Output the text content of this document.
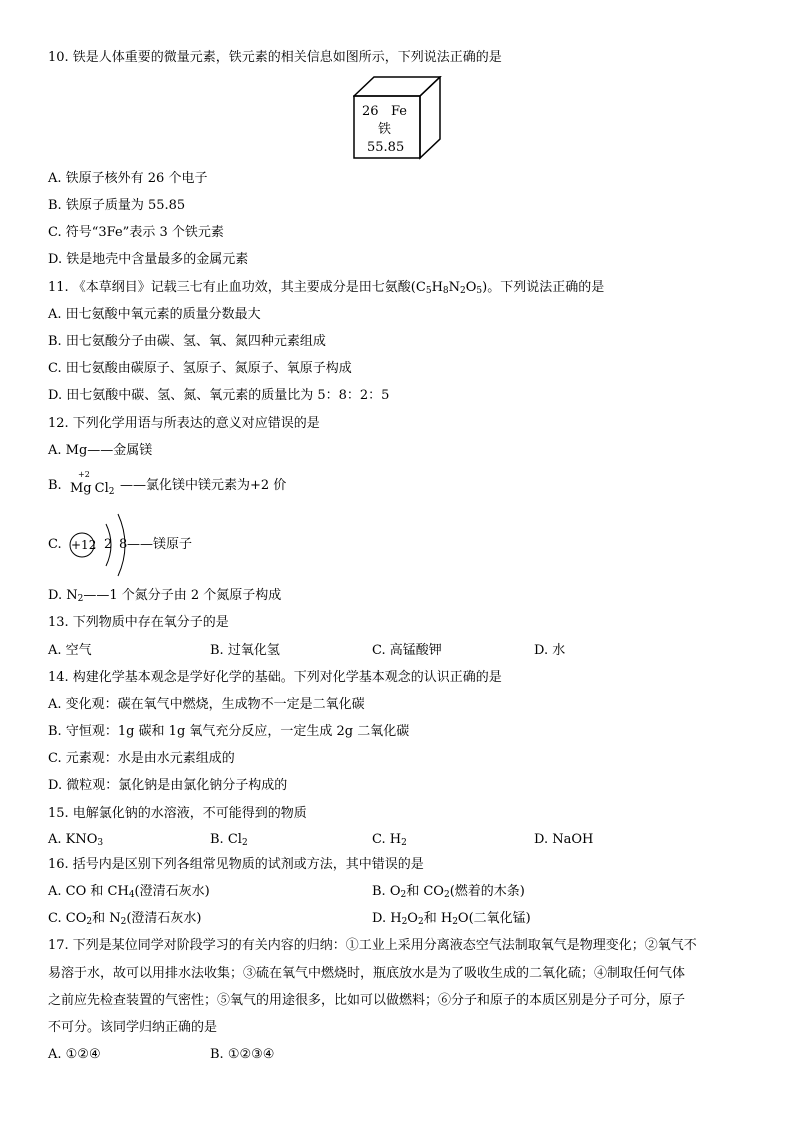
10. 铁是人体重要的微量元素，铁元素的相关信息如图所示，下列说法正确的是
26 Fe
铁
55.85
A. 铁原子核外有 26 个电子
B. 铁原子质量为 55.85
C. 符号“3Fe”表示 3 个铁元素
D. 铁是地壳中含量最多的金属元素
11. 《本草纲目》记载三七有止血功效，其主要成分是田七氨酸$(C_5H_8N_2O_5)$。下列说法正确的是
A. 田七氨酸中氧元素的质量分数最大
B. 田七氨酸分子由碳、氢、氧、氮四种元素组成
C. 田七氨酸由碳原子、氢原子、氮原子、氧原子构成
D. 田七氨酸中碳、氢、氮、氧元素的质量比为 5：8：2：5
12. 下列化学用语与所表达的意义对应错误的是
A. Mg——金属镁
B.
+2
Mg $Cl_2$ ——氯化镁中镁元素为+2 价
C. +12 2 8 ——镁原子
D. $N_2——1$ 个氮分子由 2 个氮原子构成
13. 下列物质中存在氧分子的是
A. 空气	B. 过氧化氢	C. 高锰酸钾	D. 水
14. 构建化学基本观念是学好化学的基础。下列对化学基本观念的认识正确的是
A. 变化观：碳在氧气中燃烧，生成物不一定是二氧化碳
B. 守恒观：1g 碳和 1g 氧气充分反应，一定生成 2g 二氧化碳
C. 元素观：水是由水元素组成的
D. 微粒观：氯化钠是由氯化钠分子构成的
15. 电解氯化钠的水溶液，不可能得到的物质
A. $KNO_3$	B. $Cl_2$	C. $H_2$	D. NaOH
16. 括号内是区别下列各组常见物质的试剂或方法，其中错误的是
A. CO 和 $CH_4$(澄清石灰水)	B. $O_2$和 $CO_2$(燃着的木条)
C. $CO_2$和 $N_2$(澄清石灰水)	D. $H_2O_2$和 $H_2O$(二氧化锰)
17. 下列是某位同学对阶段学习的有关内容的归纳：①工业上采用分离液态空气法制取氧气是物理变化；②氧气不
易溶于水，故可以用排水法收集；③硫在氧气中燃烧时，瓶底放水是为了吸收生成的二氧化硫；④制取任何气体
之前应先检查装置的气密性；⑤氧气的用途很多，比如可以做燃料；⑥分子和原子的本质区别是分子可分，原子
不可分。该同学归纳正确的是
A. ①②④	B. ①②③④
